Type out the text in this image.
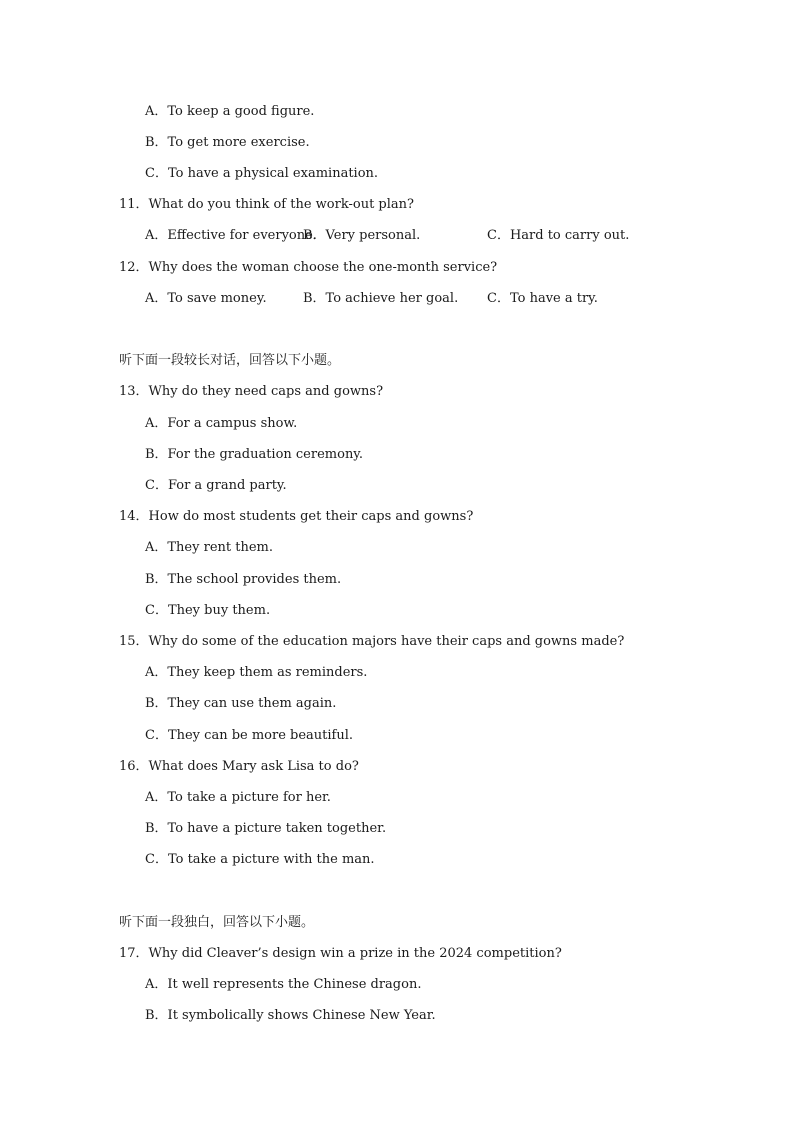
A．To keep a good figure.
B．To get more exercise.
C．To have a physical examination.
11．What do you think of the work-out plan?
A．Effective for everyone.
B．Very personal.	C．Hard to carry out.
12．Why does the woman choose the one-month service?
A．To save money.	B．To achieve her goal. C．To have a try.
听下面一段较长对话，回答以下小题。
13．Why do they need caps and gowns?
A．For a campus show.
B．For the graduation ceremony.
C．For a grand party.
14．How do most students get their caps and gowns?
A．They rent them.
B．The school provides them.
C．They buy them.
15．Why do some of the education majors have their caps and gowns made?
A．They keep them as reminders.
B．They can use them again.
C．They can be more beautiful.
16．What does Mary ask Lisa to do?
A．To take a picture for her.
B．To have a picture taken together.
C．To take a picture with the man.
听下面一段独白，回答以下小题。
17．Why did Cleaver’s design win a prize in the 2024 competition?
A．It well represents the Chinese dragon.
B．It symbolically shows Chinese New Year.
